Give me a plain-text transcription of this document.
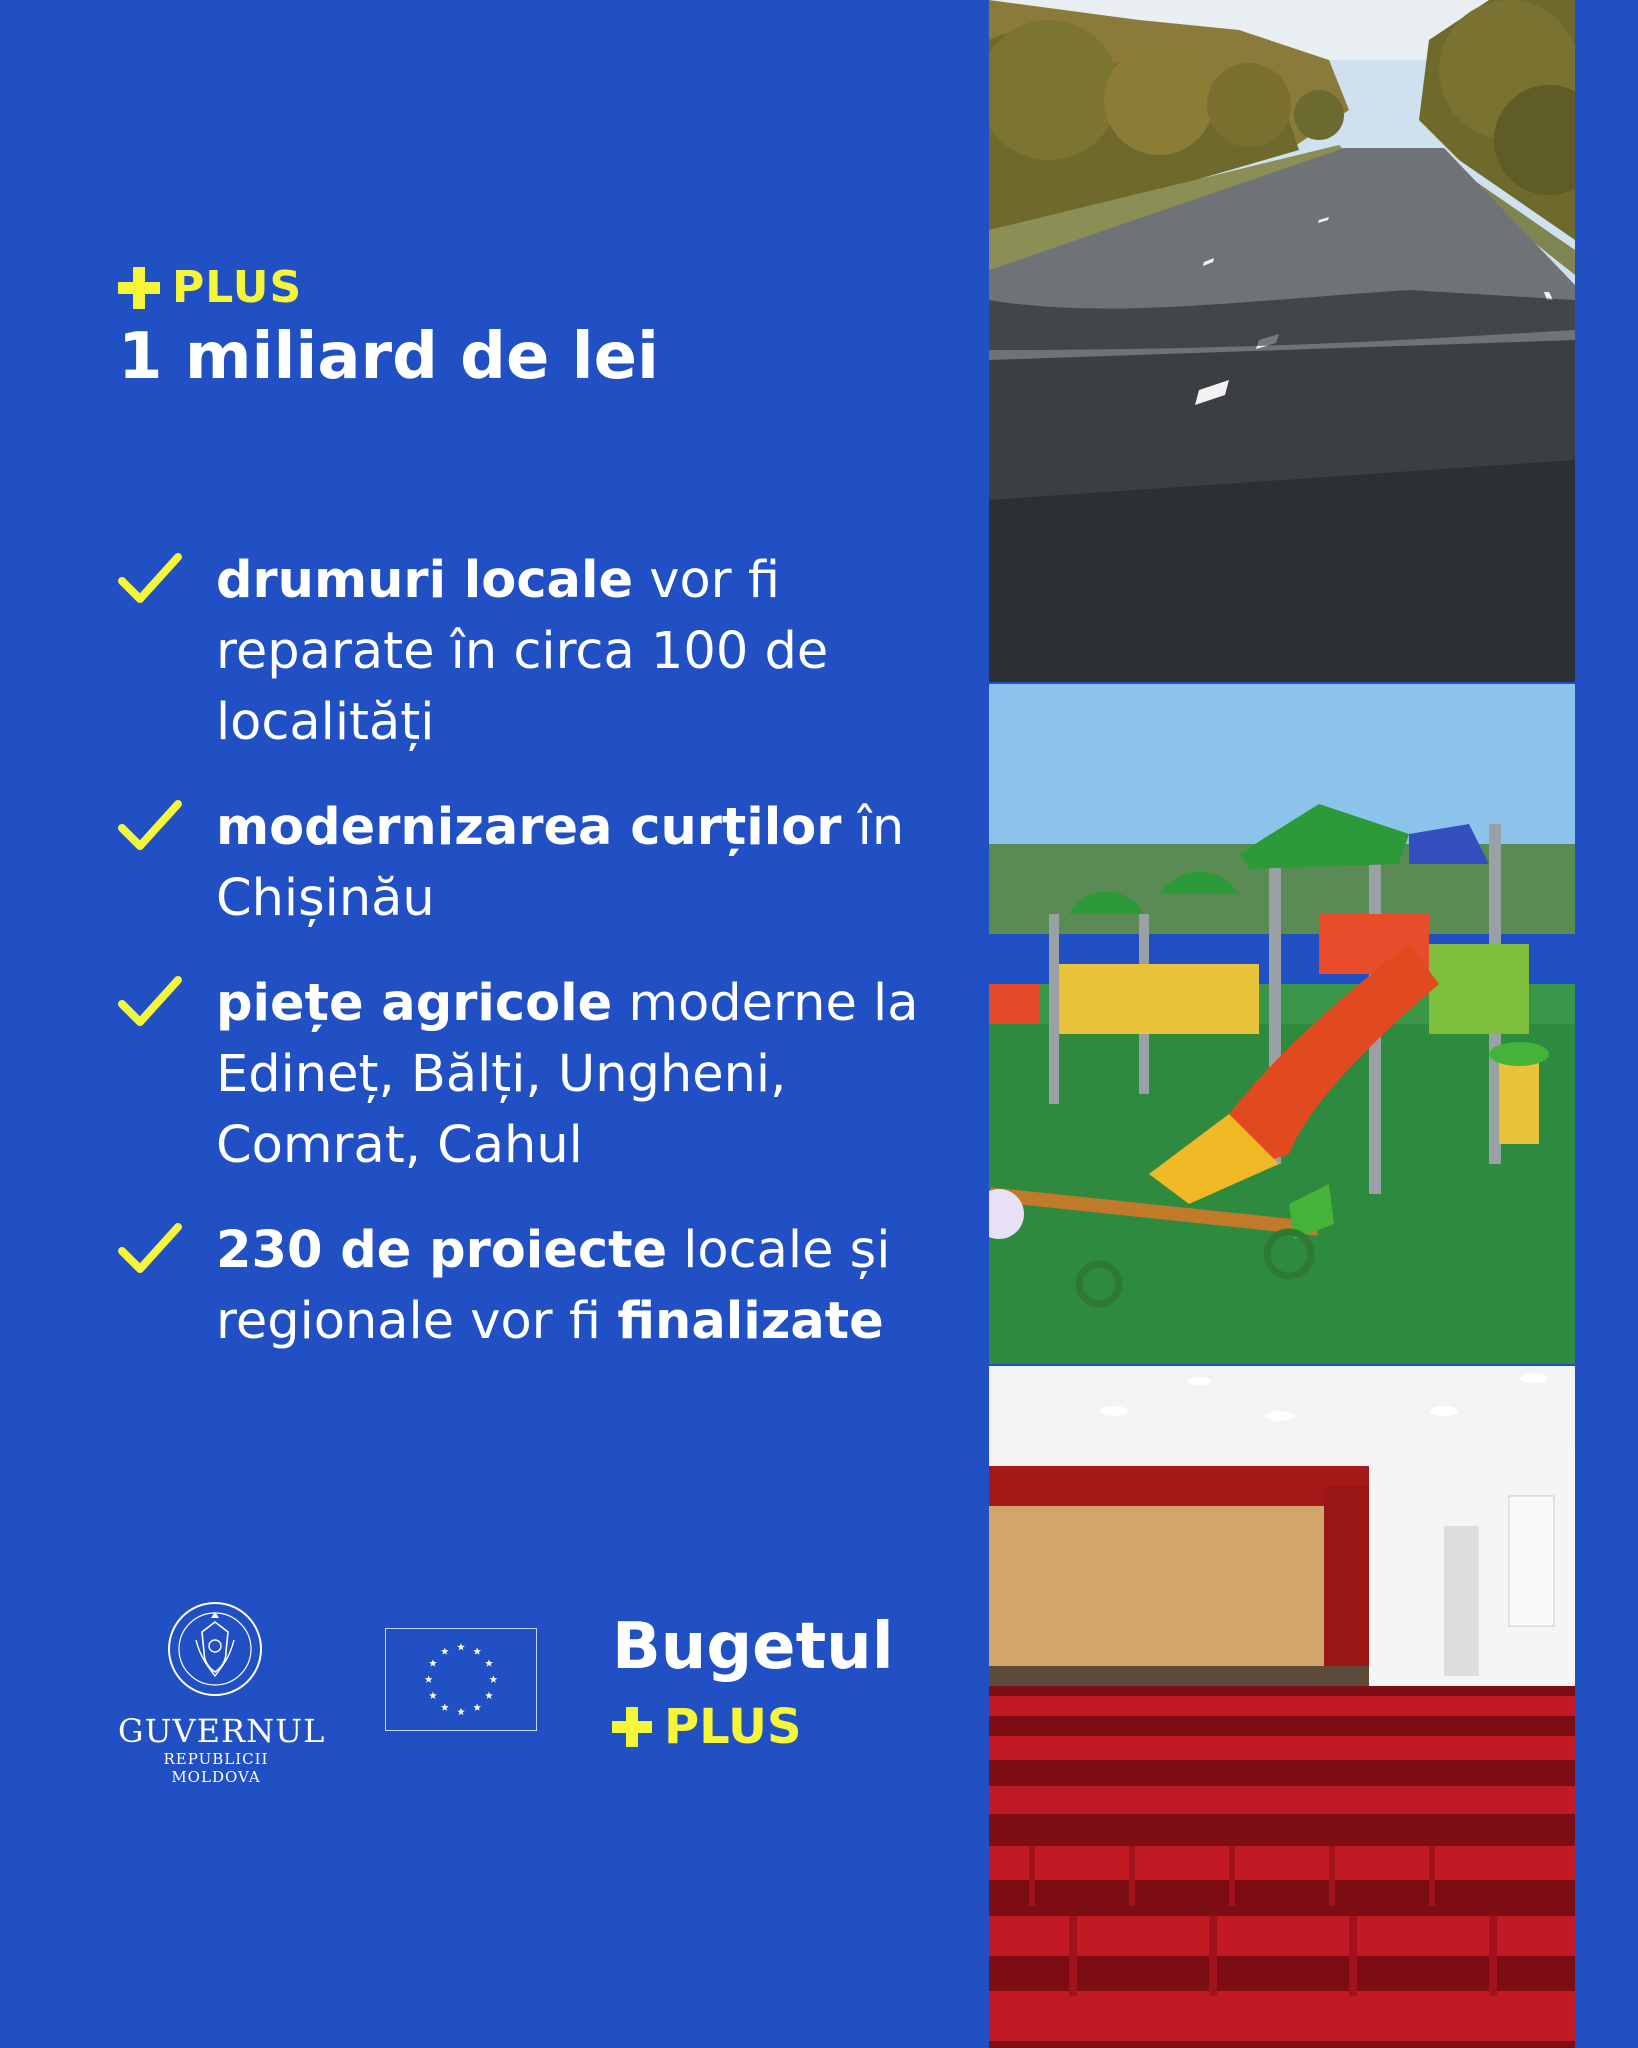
PLUS
1 miliard de lei
drumuri locale vor fi reparate în circa 100 de localități
modernizarea curților în Chișinău
piețe agricole moderne la Edineț, Bălți, Ungheni, Comrat, Cahul
230 de proiecte locale și regionale vor fi finalizate
GUVERNUL
REPUBLICII MOLDOVA
Bugetul
PLUS
